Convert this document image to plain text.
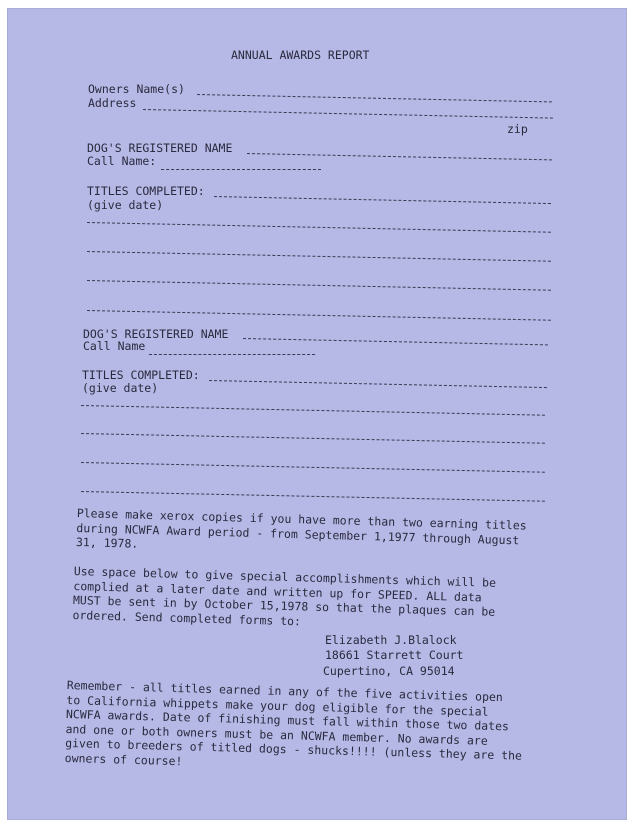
ANNUAL AWARDS REPORT
Owners Name(s)
Address
zip
DOG'S REGISTERED NAME
Call Name:
TITLES COMPLETED:
(give date)
DOG'S REGISTERED NAME
Call Name
TITLES COMPLETED:
(give date)
Please make xerox copies if you have more than two earning titles
during NCWFA Award period - from September 1,1977 through August
31, 1978.
Use space below to give special accomplishments which will be
complied at a later date and written up for SPEED. ALL data
MUST be sent in by October 15,1978 so that the plaques can be
ordered. Send completed forms to:
Elizabeth J.Blalock
18661 Starrett Court
Cupertino, CA 95014
Remember - all titles earned in any of the five activities open
to California whippets make your dog eligible for the special
NCWFA awards. Date of finishing must fall within those two dates
and one or both owners must be an NCWFA member. No awards are
given to breeders of titled dogs - shucks!!!! (unless they are the
owners of course!
